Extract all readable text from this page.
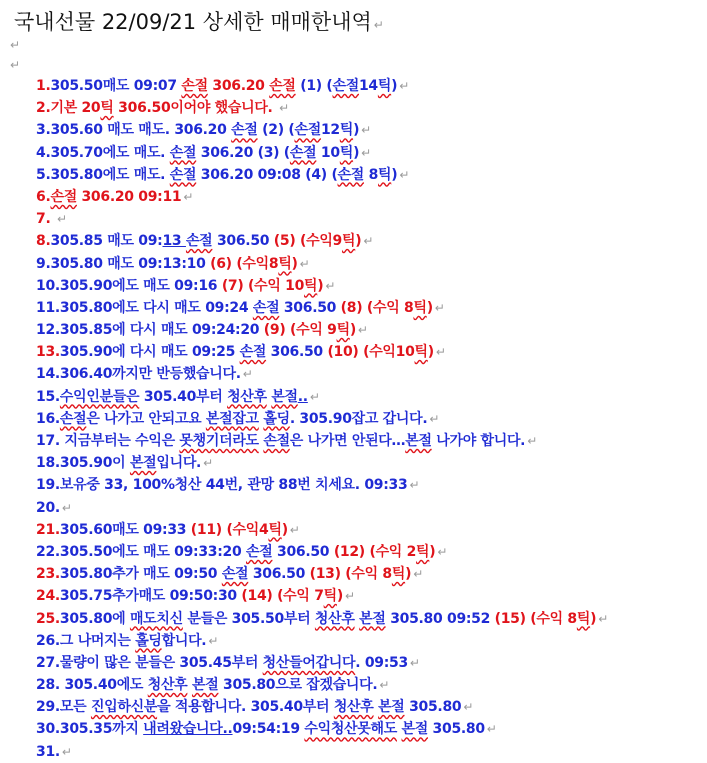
국내선물 22/09/21 상세한 매매한내역 ↵
↵
↵
1.305.50매도 09:07 손절 306.20 손절 (1) (손절14틱) ↵
2.기본 20틱 306.50이어야 했습니다. ↵
3.305.60 매도 매도. 306.20 손절 (2) (손절12틱) ↵
4.305.70에도 매도. 손절 306.20 (3) (손절 10틱) ↵
5.305.80에도 매도. 손절 306.20 09:08 (4) (손절 8틱) ↵
6.손절 306.20 09:11 ↵
7. ↵
8.305.85 매도 09:13 손절 306.50 (5) (수익9틱) ↵
9.305.80 매도 09:13:10 (6) (수익8틱) ↵
10.305.90에도 매도 09:16 (7) (수익 10틱) ↵
11.305.80에도 다시 매도 09:24 손절 306.50 (8) (수익 8틱) ↵
12.305.85에 다시 매도 09:24:20 (9) (수익 9틱) ↵
13.305.90에 다시 매도 09:25 손절 306.50 (10) (수익10틱) ↵
14.306.40까지만 반등했습니다. ↵
15.수익인분들은 305.40부터 청산후 본절.. ↵
16.손절은 나가고 안되고요 본절잡고 홀딩. 305.90잡고 갑니다. ↵
17. 지금부터는 수익은 못챙기더라도 손절은 나가면 안된다…본절 나가야 합니다. ↵
18.305.90이 본절입니다. ↵
19.보유중 33, 100%청산 44번, 관망 88번 치세요. 09:33 ↵
20. ↵
21.305.60매도 09:33 (11) (수익4틱) ↵
22.305.50에도 매도 09:33:20 손절 306.50 (12) (수익 2틱) ↵
23.305.80추가 매도 09:50 손절 306.50 (13) (수익 8틱) ↵
24.305.75추가매도 09:50:30 (14) (수익 7틱) ↵
25.305.80에 매도치신 분들은 305.50부터 청산후 본절 305.80 09:52 (15) (수익 8틱) ↵
26.그 나머지는 홀딩합니다. ↵
27.물량이 많은 분들은 305.45부터 청산들어갑니다. 09:53 ↵
28. 305.40에도 청산후 본절 305.80으로 잡겠습니다. ↵
29.모든 진입하신분을 적용합니다. 305.40부터 청산후 본절 305.80 ↵
30.305.35까지 내려왔습니다..09:54:19 수익청산못해도 본절 305.80 ↵
31. ↵
